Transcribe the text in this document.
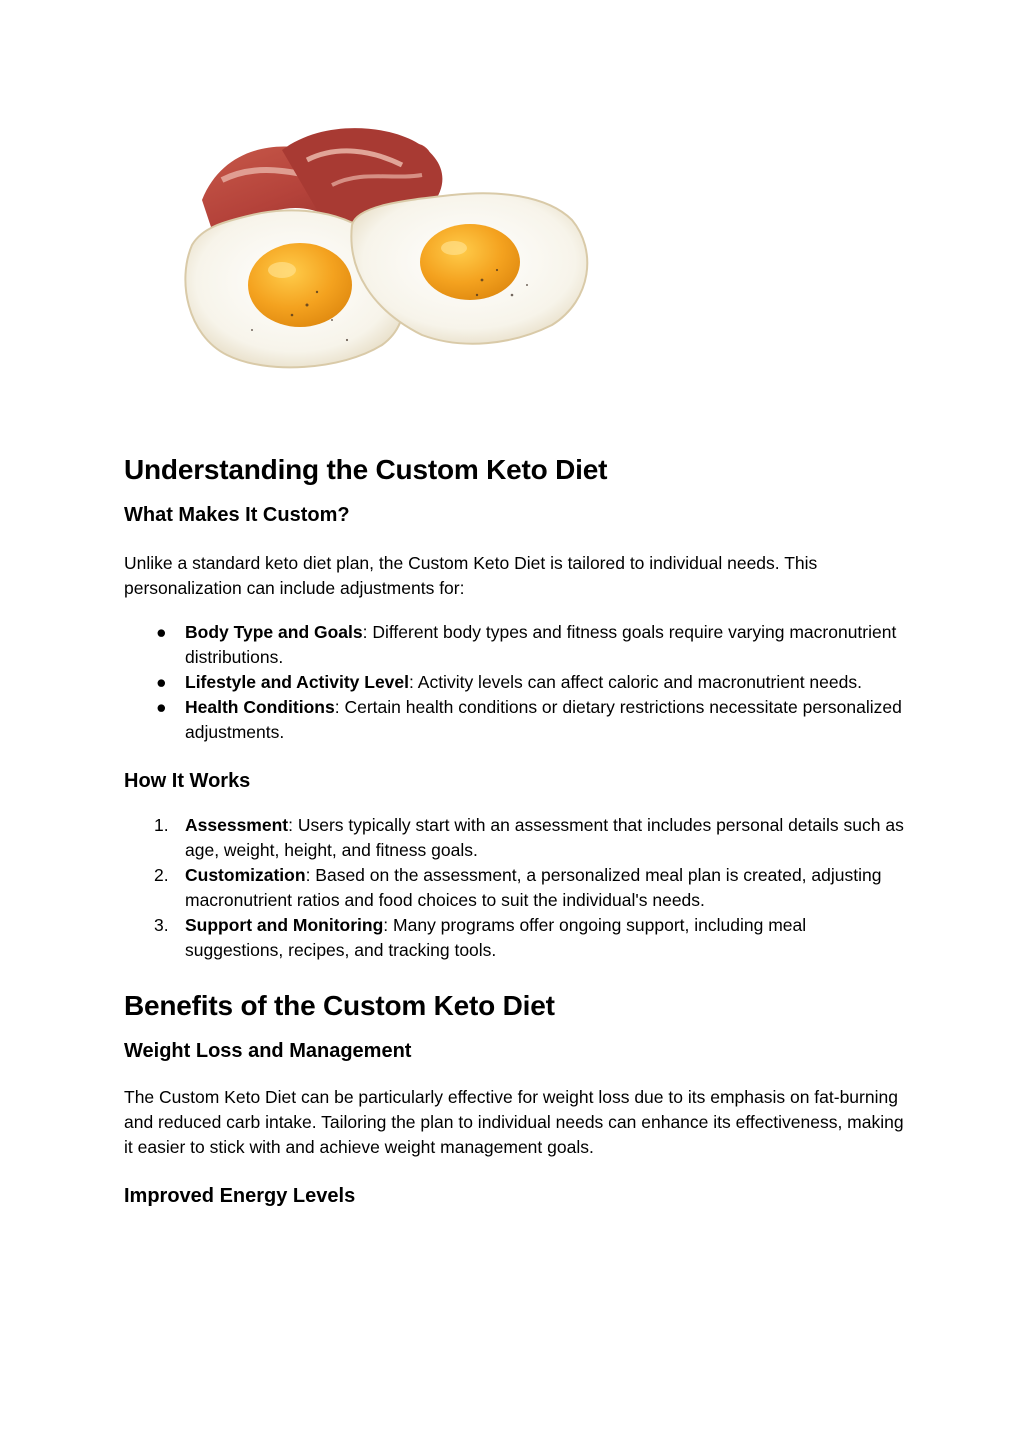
Understanding the Custom Keto Diet
What Makes It Custom?

Unlike a standard keto diet plan, the Custom Keto Diet is tailored to individual needs. This personalization can include adjustments for:

● Body Type and Goals: Different body types and fitness goals require varying macronutrient distributions.
● Lifestyle and Activity Level: Activity levels can affect caloric and macronutrient needs.
● Health Conditions: Certain health conditions or dietary restrictions necessitate personalized adjustments.
How It Works
1. Assessment: Users typically start with an assessment that includes personal details such as age, weight, height, and fitness goals.
2. Customization: Based on the assessment, a personalized meal plan is created, adjusting macronutrient ratios and food choices to suit the individual's needs.
3. Support and Monitoring: Many programs offer ongoing support, including meal suggestions, recipes, and tracking tools.
Benefits of the Custom Keto Diet
Weight Loss and Management

The Custom Keto Diet can be particularly effective for weight loss due to its emphasis on fat-burning and reduced carb intake. Tailoring the plan to individual needs can enhance its effectiveness, making it easier to stick with and achieve weight management goals.

Improved Energy Levels
